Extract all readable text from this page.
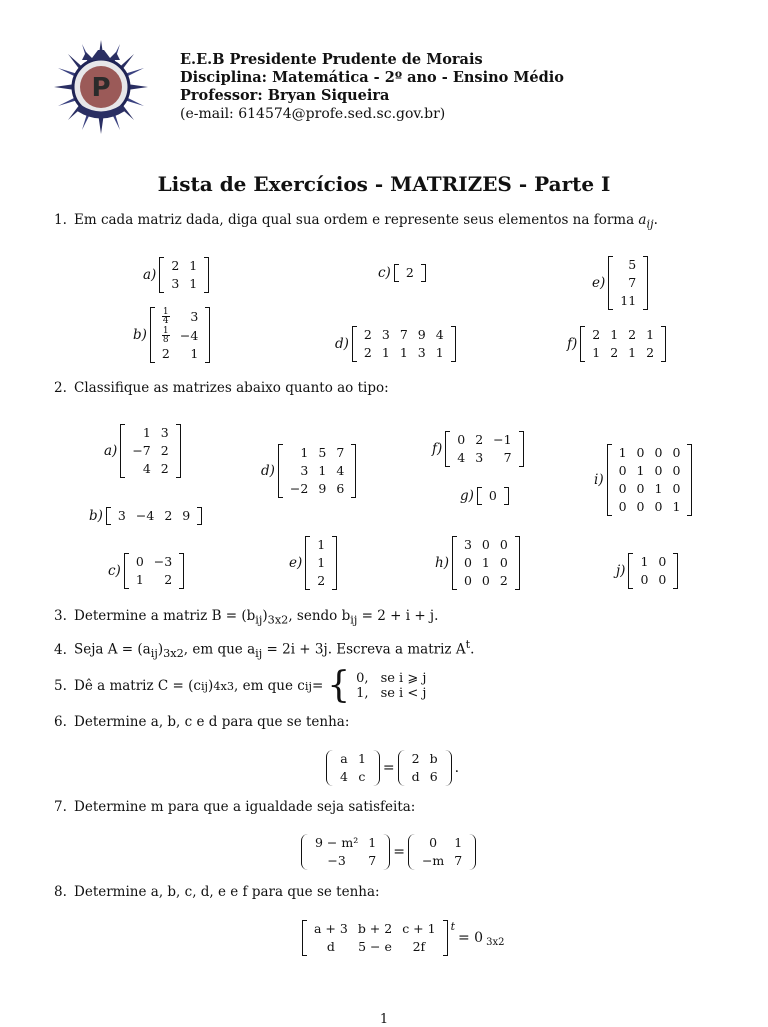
P
E.E.B Presidente Prudente de Morais
Disciplina: Matemática - 2º ano - Ensino Médio
Professor: Bryan Siqueira
(e-mail: 614574@profe.sed.sc.gov.br)
Lista de Exercícios - MATRIZES - Parte I
1. Em cada matriz dada, diga qual sua ordem e represente seus elementos na forma $a_{ij}$.
a)
2	1
3	1
b)
$\frac{1}{4}$	3

$\frac{1}{8}$	−4
2	1
c) 2
d)
2	3	7	9	4
2	1	1	3	1
e)
5
7
11
f)
2	1	2	1
1	2	1	2
2. Classifique as matrizes abaixo quanto ao tipo:
a)
1	3
−7	2
4	2
b) 3	−4	2	9
c)
0	−3
1	2
d)
1	5	7
3	1	4
−2	9	6
e)
1
1
2
f)
0	2	−1
4	3	7
g) 0
h)
3	0	0
0	1	0
0	0	2
i)
1	0	0	0
0	1	0	0
0	0	1	0
0	0	0	1
j)
1	0
0	0
3. Determine a matriz $B = (b_{ij})_{3x2}$, sendo $b_{ij} = 2 + i + j$.
4. Seja $A = (a_{ij})_{3x2}$, em que $a_{ij} = 2i + 3j$. Escreva a matriz $A^t$.
5. Dê a matriz C = (c ij ) 4x3 , em que c ij = { 0,	se i ⩾ j
1,	se i < j
6. Determine a, b, c e d para que se tenha:
a	1
4	c
=
2	b
d	6
.
7. Determine m para que a igualdade seja satisfeita:
9 − m²	1
−3	7
=
0	1
−m	7
8. Determine a, b, c, d, e e f para que se tenha:
a + 3	b + 2	c + 1
d	5 − e	2f
$^t$
= 0 $_{3x2}$
1
